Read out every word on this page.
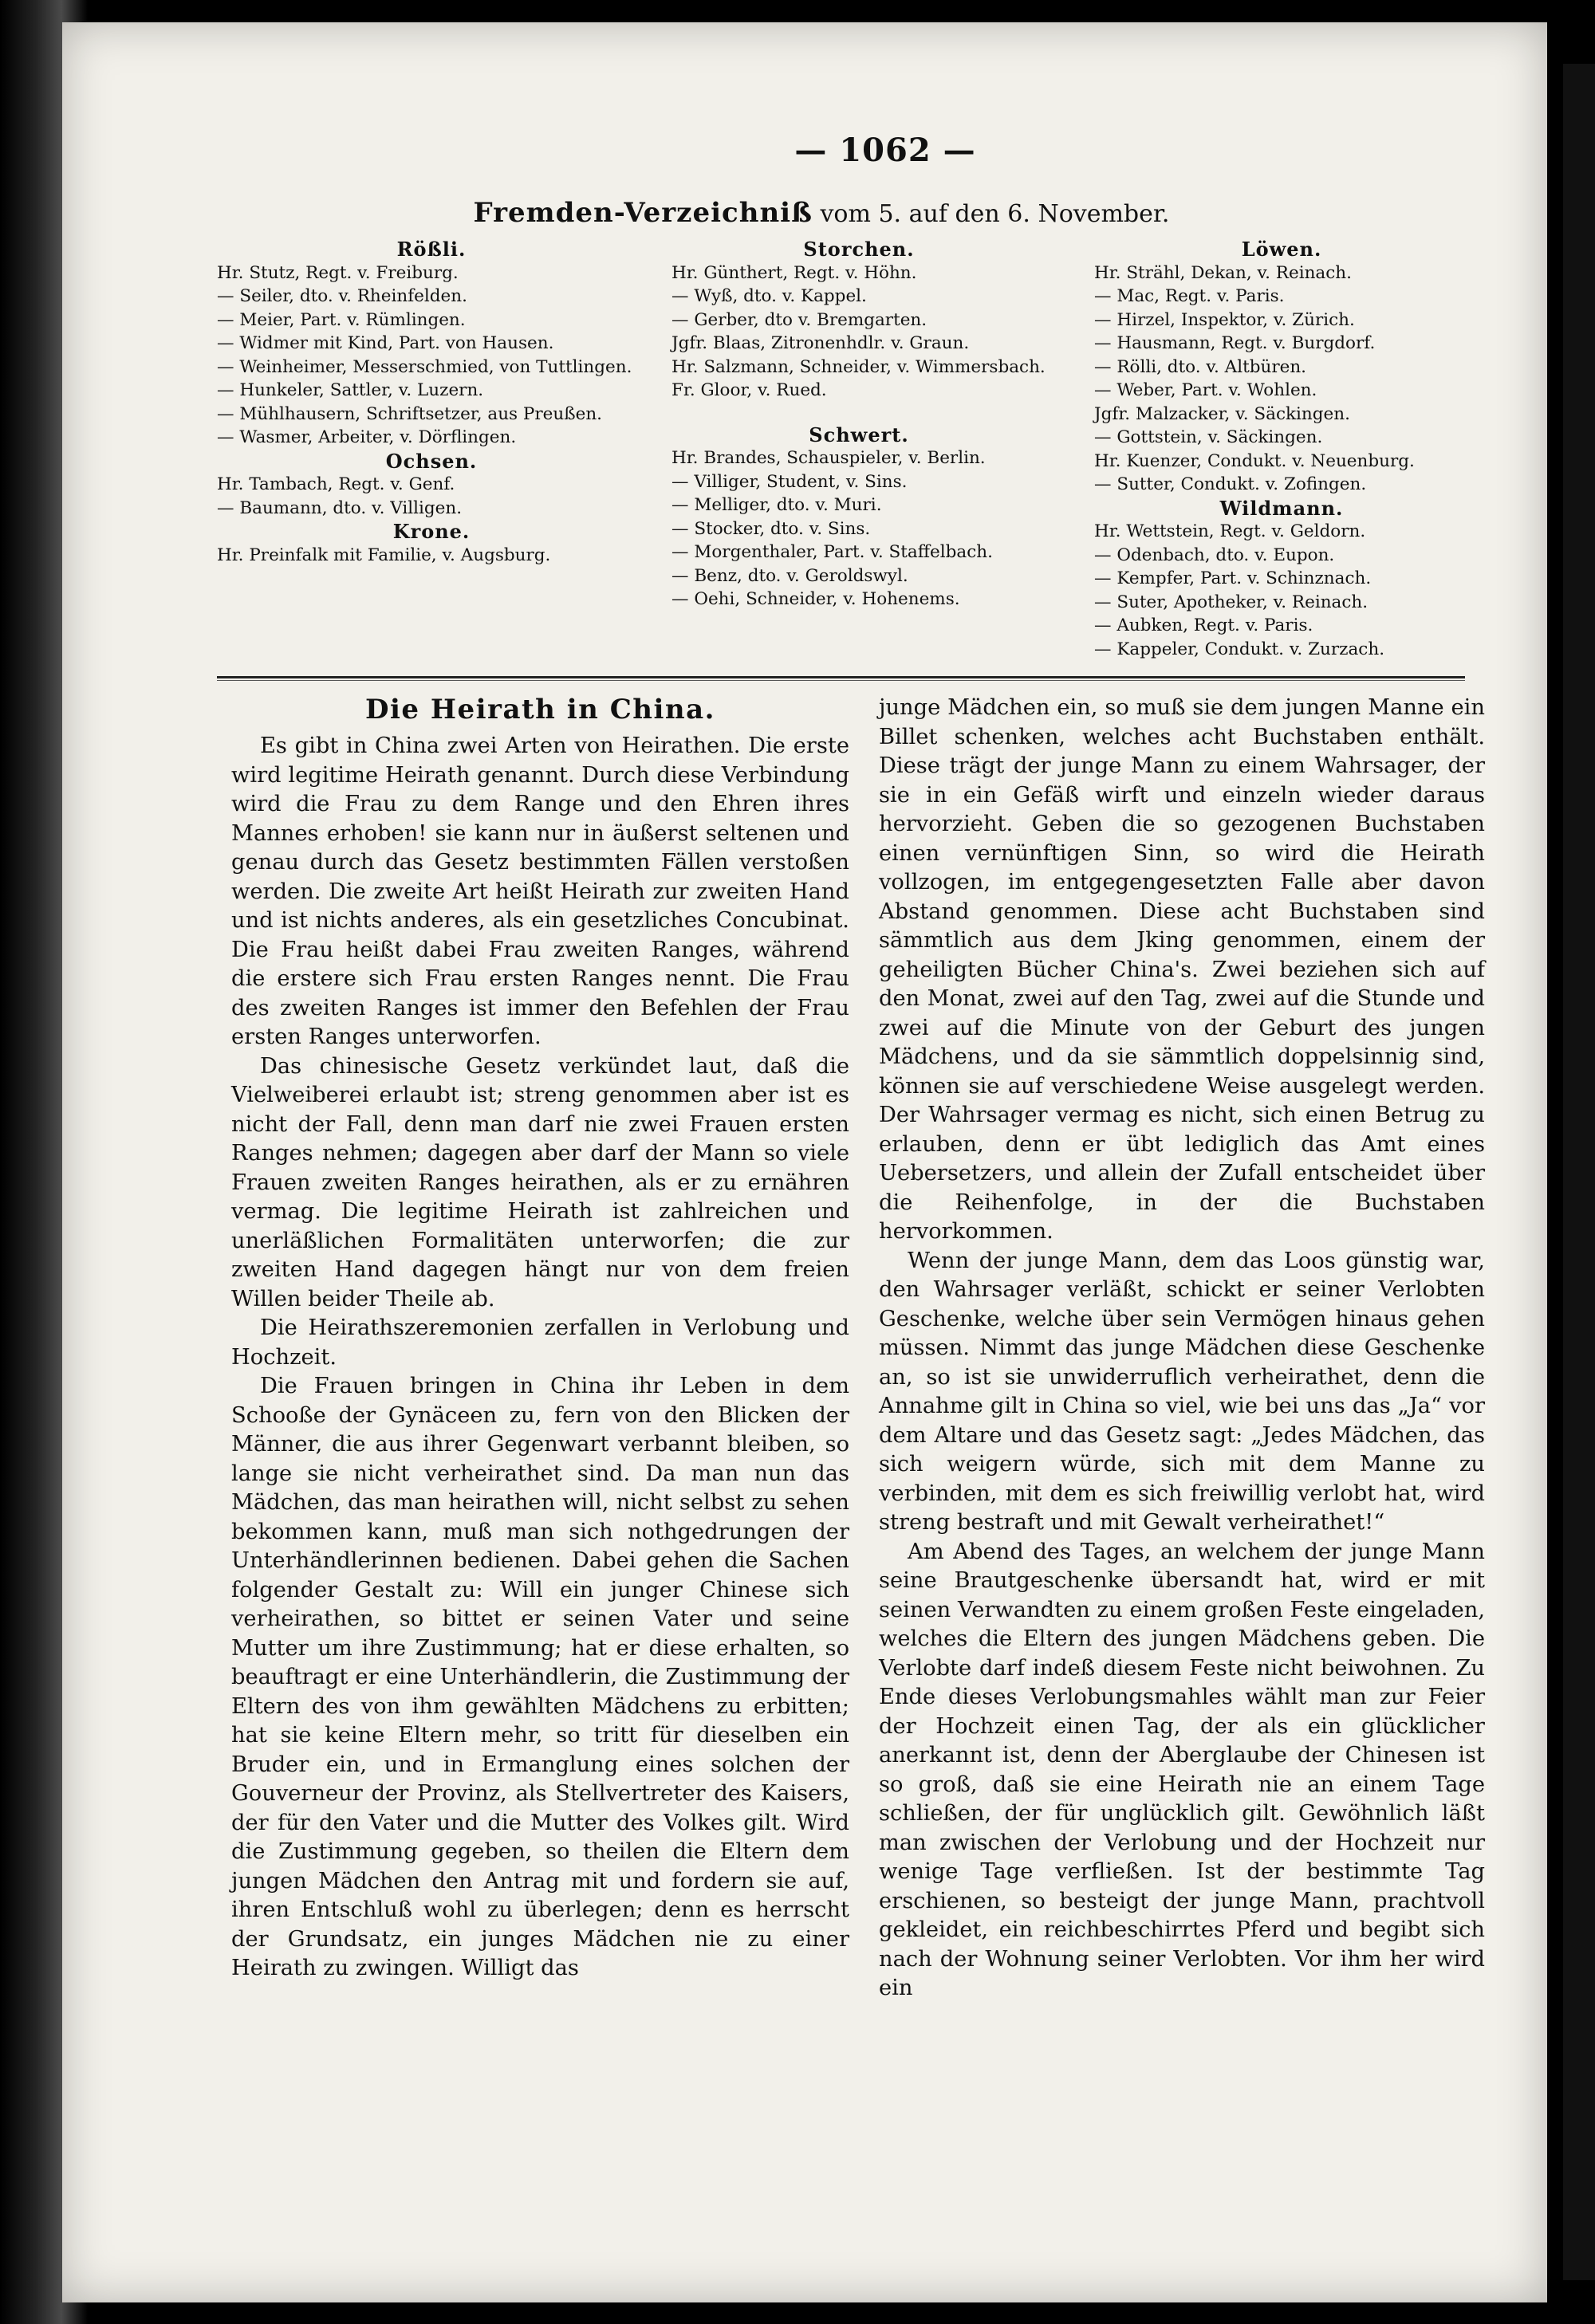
— 1062 —
Fremden-Verzeichniß vom 5. auf den 6. November.
Rößli.
Hr. Stutz, Regt. v. Freiburg.
— Seiler, dto. v. Rheinfelden.
— Meier, Part. v. Rümlingen.
— Widmer mit Kind, Part. von Hausen.
— Weinheimer, Messerschmied, von Tuttlingen.
— Hunkeler, Sattler, v. Luzern.
— Mühlhausern, Schriftsetzer, aus Preußen.
— Wasmer, Arbeiter, v. Dörflingen.
Ochsen.
Hr. Tambach, Regt. v. Genf.
— Baumann, dto. v. Villigen.
Krone.
Hr. Preinfalk mit Familie, v. Augsburg.
Storchen.
Hr. Günthert, Regt. v. Höhn.
— Wyß, dto. v. Kappel.
— Gerber, dto v. Bremgarten.
Jgfr. Blaas, Zitronenhdlr. v. Graun.
Hr. Salzmann, Schneider, v. Wimmersbach.
Fr. Gloor, v. Rued.
Schwert.
Hr. Brandes, Schauspieler, v. Berlin.
— Villiger, Student, v. Sins.
— Melliger, dto. v. Muri.
— Stocker, dto. v. Sins.
— Morgenthaler, Part. v. Staffelbach.
— Benz, dto. v. Geroldswyl.
— Oehi, Schneider, v. Hohenems.
Löwen.
Hr. Strähl, Dekan, v. Reinach.
— Mac, Regt. v. Paris.
— Hirzel, Inspektor, v. Zürich.
— Hausmann, Regt. v. Burgdorf.
— Rölli, dto. v. Altbüren.
— Weber, Part. v. Wohlen.
Jgfr. Malzacker, v. Säckingen.
— Gottstein, v. Säckingen.
Hr. Kuenzer, Condukt. v. Neuenburg.
— Sutter, Condukt. v. Zofingen.
Wildmann.
Hr. Wettstein, Regt. v. Geldorn.
— Odenbach, dto. v. Eupon.
— Kempfer, Part. v. Schinznach.
— Suter, Apotheker, v. Reinach.
— Aubken, Regt. v. Paris.
— Kappeler, Condukt. v. Zurzach.
Die Heirath in China.

Es gibt in China zwei Arten von Heirathen. Die erste wird legitime Heirath genannt. Durch diese Verbindung wird die Frau zu dem Range und den Ehren ihres Mannes erhoben! sie kann nur in äußerst seltenen und genau durch das Gesetz bestimmten Fällen verstoßen werden. Die zweite Art heißt Heirath zur zweiten Hand und ist nichts anderes, als ein gesetzliches Concubinat. Die Frau heißt dabei Frau zweiten Ranges, während die erstere sich Frau ersten Ranges nennt. Die Frau des zweiten Ranges ist immer den Befehlen der Frau ersten Ranges unterworfen.

Das chinesische Gesetz verkündet laut, daß die Vielweiberei erlaubt ist; streng genommen aber ist es nicht der Fall, denn man darf nie zwei Frauen ersten Ranges nehmen; dagegen aber darf der Mann so viele Frauen zweiten Ranges heirathen, als er zu ernähren vermag. Die legitime Heirath ist zahlreichen und unerläßlichen Formalitäten unterworfen; die zur zweiten Hand dagegen hängt nur von dem freien Willen beider Theile ab.

Die Heirathszeremonien zerfallen in Verlobung und Hochzeit.

Die Frauen bringen in China ihr Leben in dem Schooße der Gynäceen zu, fern von den Blicken der Männer, die aus ihrer Gegenwart verbannt bleiben, so lange sie nicht verheirathet sind. Da man nun das Mädchen, das man heirathen will, nicht selbst zu sehen bekommen kann, muß man sich nothgedrungen der Unterhändlerinnen bedienen. Dabei gehen die Sachen folgender Gestalt zu: Will ein junger Chinese sich verheirathen, so bittet er seinen Vater und seine Mutter um ihre Zustimmung; hat er diese erhalten, so beauftragt er eine Unterhändlerin, die Zustimmung der Eltern des von ihm gewählten Mädchens zu erbitten; hat sie keine Eltern mehr, so tritt für dieselben ein Bruder ein, und in Ermanglung eines solchen der Gouverneur der Provinz, als Stellvertreter des Kaisers, der für den Vater und die Mutter des Volkes gilt. Wird die Zustimmung gegeben, so theilen die Eltern dem jungen Mädchen den Antrag mit und fordern sie auf, ihren Entschluß wohl zu überlegen; denn es herrscht der Grundsatz, ein junges Mädchen nie zu einer Heirath zu zwingen. Willigt das

junge Mädchen ein, so muß sie dem jungen Manne ein Billet schenken, welches acht Buchstaben enthält. Diese trägt der junge Mann zu einem Wahrsager, der sie in ein Gefäß wirft und einzeln wieder daraus hervorzieht. Geben die so gezogenen Buchstaben einen vernünftigen Sinn, so wird die Heirath vollzogen, im entgegengesetzten Falle aber davon Abstand genommen. Diese acht Buchstaben sind sämmtlich aus dem Jking genommen, einem der geheiligten Bücher China's. Zwei beziehen sich auf den Monat, zwei auf den Tag, zwei auf die Stunde und zwei auf die Minute von der Geburt des jungen Mädchens, und da sie sämmtlich doppelsinnig sind, können sie auf verschiedene Weise ausgelegt werden. Der Wahrsager vermag es nicht, sich einen Betrug zu erlauben, denn er übt lediglich das Amt eines Uebersetzers, und allein der Zufall entscheidet über die Reihenfolge, in der die Buchstaben hervorkommen.

Wenn der junge Mann, dem das Loos günstig war, den Wahrsager verläßt, schickt er seiner Verlobten Geschenke, welche über sein Vermögen hinaus gehen müssen. Nimmt das junge Mädchen diese Geschenke an, so ist sie unwiderruflich verheirathet, denn die Annahme gilt in China so viel, wie bei uns das „Ja“ vor dem Altare und das Gesetz sagt: „Jedes Mädchen, das sich weigern würde, sich mit dem Manne zu verbinden, mit dem es sich freiwillig verlobt hat, wird streng bestraft und mit Gewalt verheirathet!“

Am Abend des Tages, an welchem der junge Mann seine Brautgeschenke übersandt hat, wird er mit seinen Verwandten zu einem großen Feste eingeladen, welches die Eltern des jungen Mädchens geben. Die Verlobte darf indeß diesem Feste nicht beiwohnen. Zu Ende dieses Verlobungsmahles wählt man zur Feier der Hochzeit einen Tag, der als ein glücklicher anerkannt ist, denn der Aberglaube der Chinesen ist so groß, daß sie eine Heirath nie an einem Tage schließen, der für unglücklich gilt. Gewöhnlich läßt man zwischen der Verlobung und der Hochzeit nur wenige Tage verfließen. Ist der bestimmte Tag erschienen, so besteigt der junge Mann, prachtvoll gekleidet, ein reichbeschirrtes Pferd und begibt sich nach der Wohnung seiner Verlobten. Vor ihm her wird ein
